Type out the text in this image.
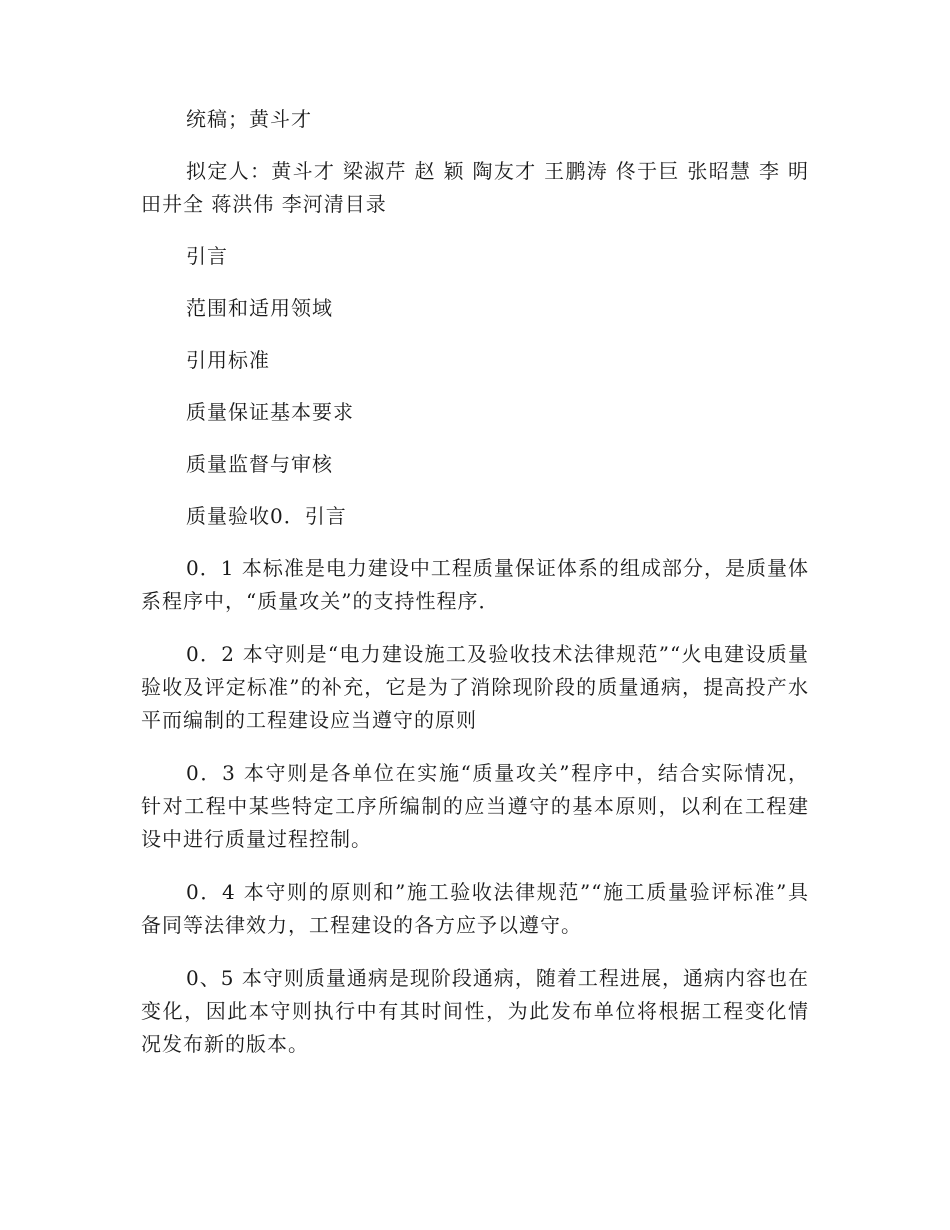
统稿；黄斗才

拟定人：黄斗才 梁淑芹 赵 颖 陶友才 王鹏涛 佟于巨 张昭慧 李 明 田井全 蒋洪伟 李河清目录

引言

范围和适用领域

引用标准

质量保证基本要求

质量监督与审核

质量验收0．引言

0．1 本标准是电力建设中工程质量保证体系的组成部分，是质量体系程序中，“质量攻关”的支持性程序．

0．2 本守则是“电力建设施工及验收技术法律规范”“火电建设质量验收及评定标准”的补充，它是为了消除现阶段的质量通病，提高投产水平而编制的工程建设应当遵守的原则

0．3 本守则是各单位在实施“质量攻关”程序中，结合实际情况，针对工程中某些特定工序所编制的应当遵守的基本原则，以利在工程建设中进行质量过程控制。

0．4 本守则的原则和”施工验收法律规范”“施工质量验评标准”具备同等法律效力，工程建设的各方应予以遵守。

0、5 本守则质量通病是现阶段通病，随着工程进展，通病内容也在变化，因此本守则执行中有其时间性，为此发布单位将根据工程变化情况发布新的版本。
